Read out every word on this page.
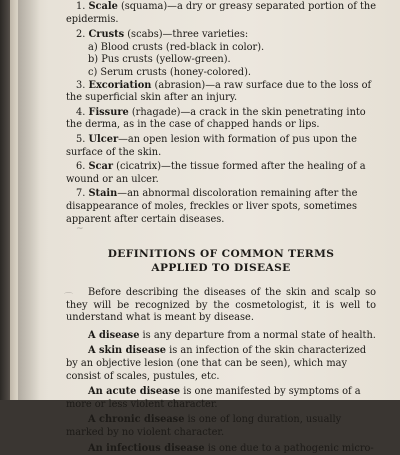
1. Scale (squama)—a dry or greasy separated portion of the epidermis.

2. Crusts (scabs)—three varieties:

a) Blood crusts (red-black in color).

b) Pus crusts (yellow-green).

c) Serum crusts (honey-colored).

3. Excoriation (abrasion)—a raw surface due to the loss of the superficial skin after an injury.

4. Fissure (rhagade)—a crack in the skin penetrating into the derma, as in the case of chapped hands or lips.

5. Ulcer—an open lesion with formation of pus upon the surface of the skin.

6. Scar (cicatrix)—the tissue formed after the healing of a wound or an ulcer.

7. Stain—an abnormal discoloration remaining after the disappearance of moles, freckles or liver spots, sometimes apparent after certain diseases.

DEFINITIONS OF COMMON TERMS

APPLIED TO DISEASE

Before describing the diseases of the skin and scalp so they will be recognized by the cosmetologist, it is well to understand what is meant by disease.

A disease is any departure from a normal state of health.

A skin disease is an infection of the skin characterized by an objective lesion (one that can be seen), which may consist of scales, pustules, etc.

An acute disease is one manifested by symptoms of a more or less violent character.

A chronic disease is one of long duration, usually marked by no violent character.

An infectious disease is one due to a pathogenic micro-

~
⌒
